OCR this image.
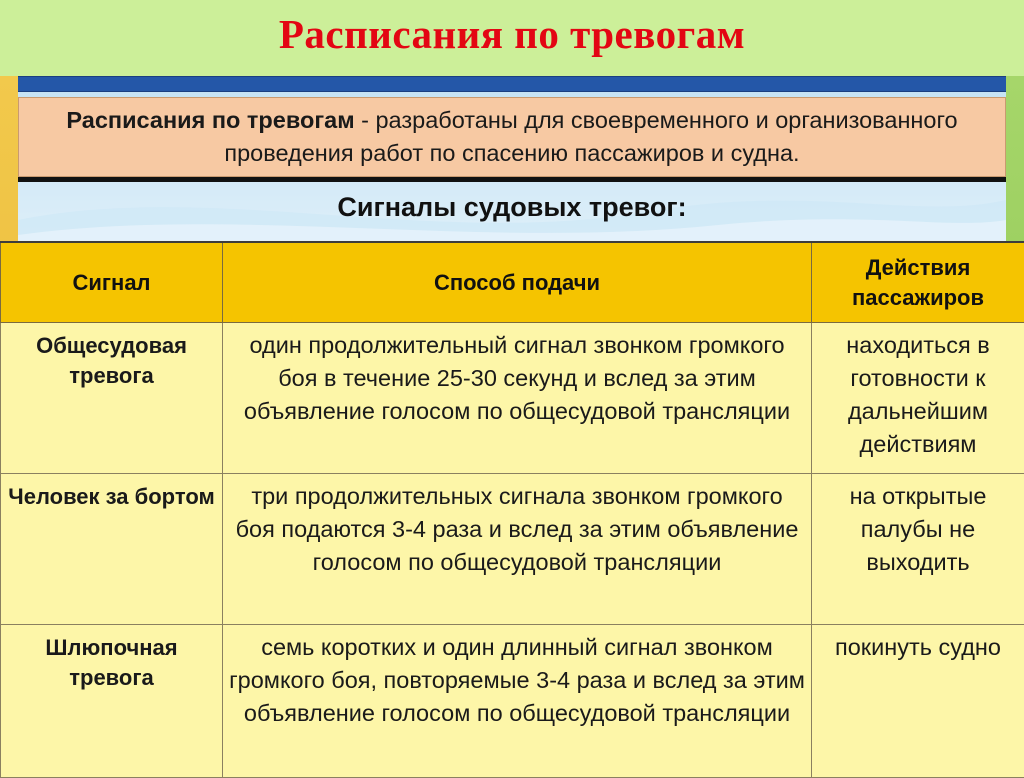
Расписания по тревогам
Расписания по тревогам - разработаны для своевременного и организованного проведения работ по спасению пассажиров и судна.
Сигналы судовых тревог:
Сигнал	Способ подачи	Действия пассажиров
Общесудовая тревога	один продолжительный сигнал звонком громкого боя в течение 25-30 секунд и вслед за этим объявление голосом по общесудовой трансляции	находиться в готовности к дальнейшим действиям
Человек за бортом	три продолжительных сигнала звонком громкого боя подаются 3-4 раза и вслед за этим объявление голосом по общесудовой трансляции	на открытые палубы не выходить
Шлюпочная тревога	семь коротких и один длинный сигнал звонком громкого боя, повторяемые 3-4 раза и вслед за этим объявление голосом по общесудовой трансляции	покинуть судно
